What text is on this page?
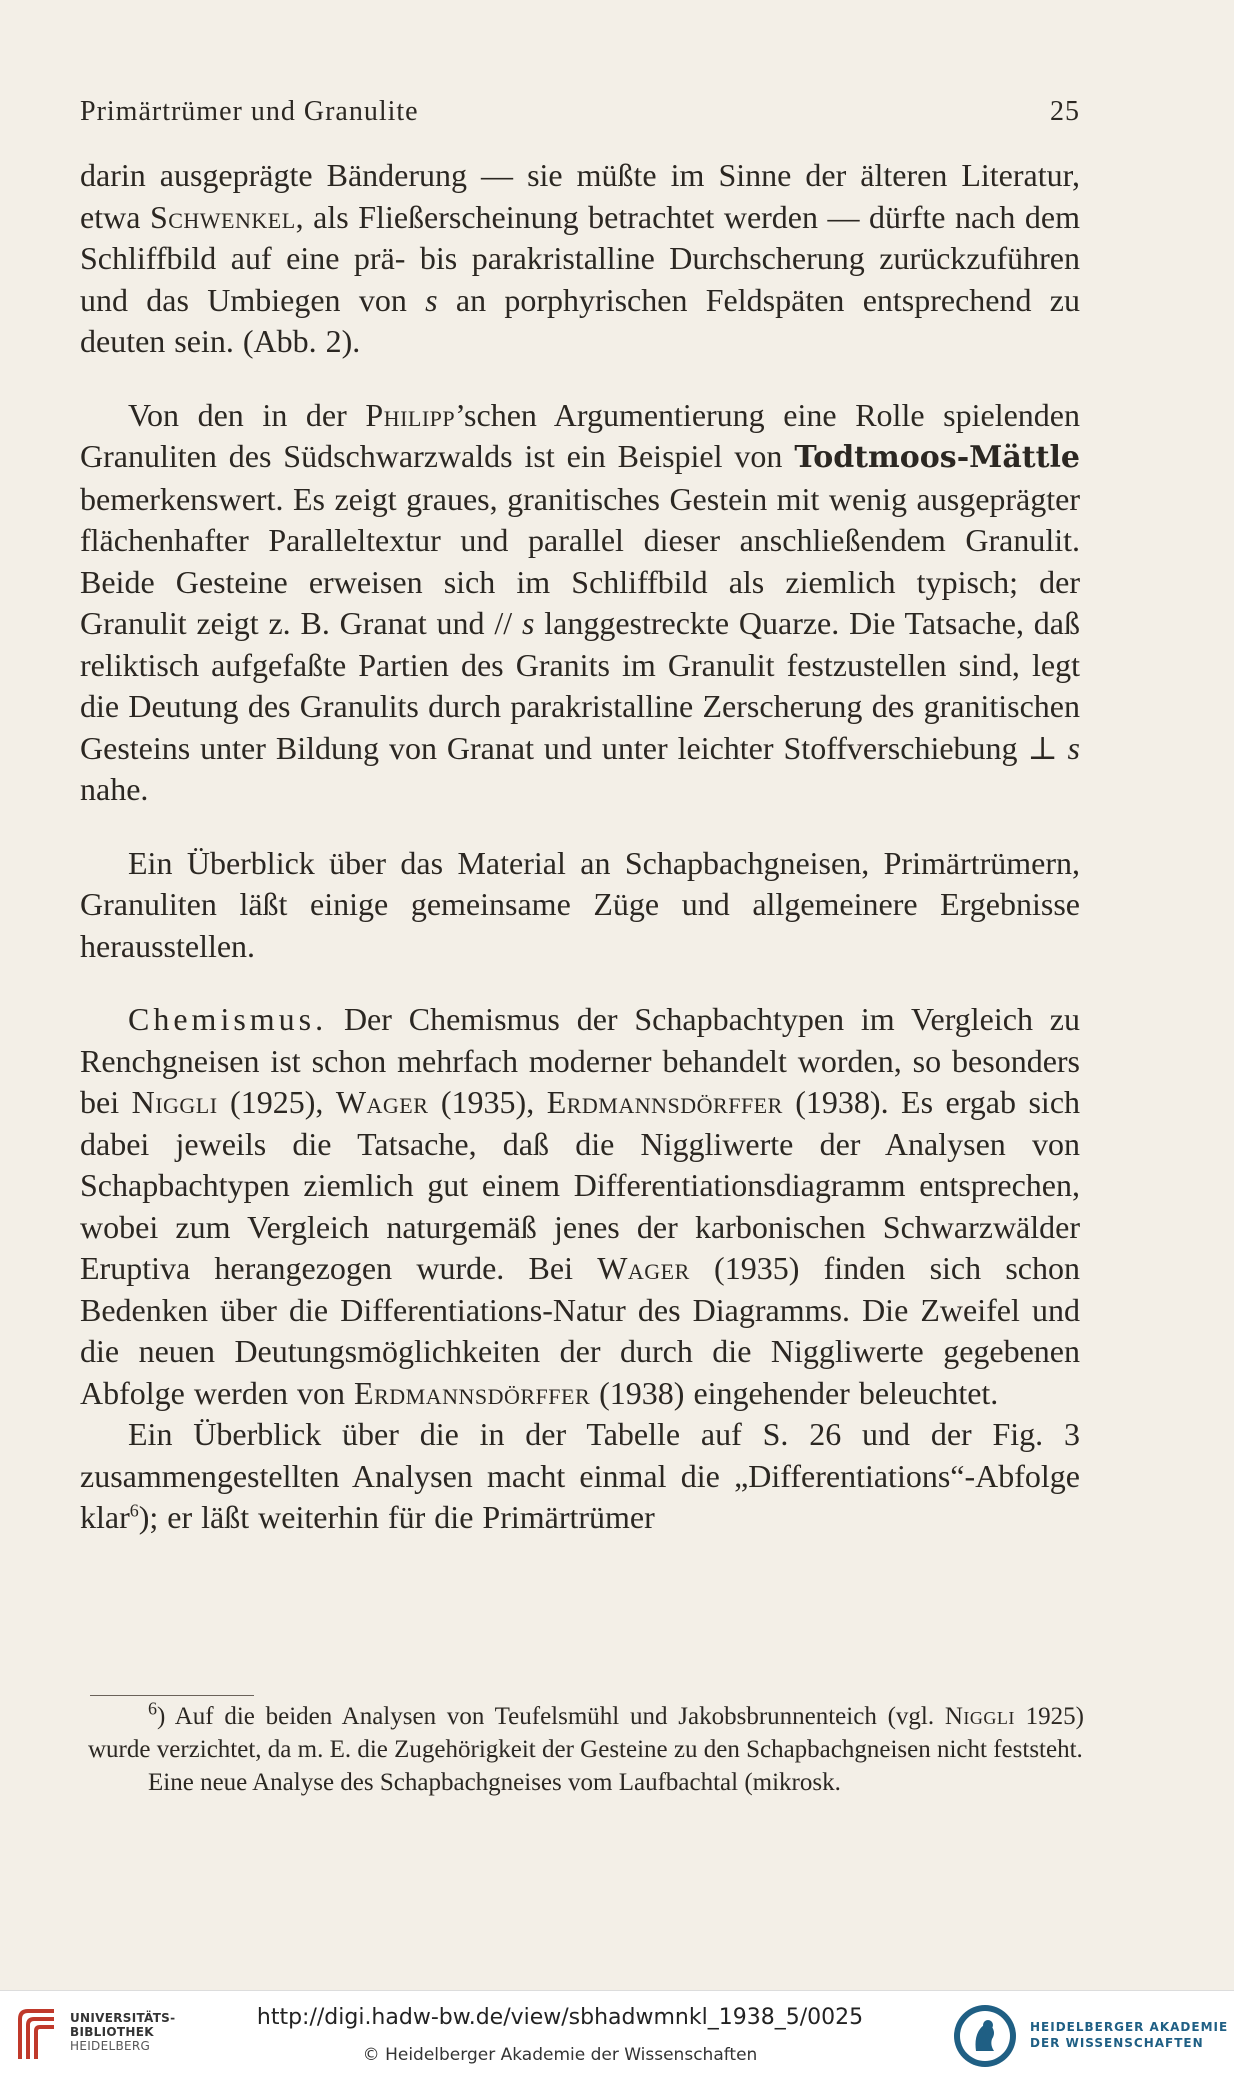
Primärtrümer und Granulite	25

darin ausgeprägte Bänderung — sie müßte im Sinne der älteren Literatur, etwa Schwenkel, als Fließerscheinung betrachtet werden — dürfte nach dem Schliffbild auf eine prä- bis parakristalline Durchscherung zurückzuführen und das Umbiegen von s an porphyrischen Feldspäten entsprechend zu deuten sein. (Abb. 2).

Von den in der Philipp’schen Argumentierung eine Rolle spielenden Granuliten des Südschwarzwalds ist ein Beispiel von Todtmoos-Mättle bemerkenswert. Es zeigt graues, granitisches Gestein mit wenig ausgeprägter flächenhafter Paralleltextur und parallel dieser anschließendem Granulit. Beide Gesteine erweisen sich im Schliffbild als ziemlich typisch; der Granulit zeigt z. B. Granat und // s langgestreckte Quarze. Die Tatsache, daß reliktisch aufgefaßte Partien des Granits im Granulit festzustellen sind, legt die Deutung des Granulits durch parakristalline Zerscherung des granitischen Gesteins unter Bildung von Granat und unter leichter Stoffverschiebung ⊥ s nahe.

Ein Überblick über das Material an Schapbachgneisen, Primärtrümern, Granuliten läßt einige gemeinsame Züge und allgemeinere Ergebnisse herausstellen.

Chemismus. Der Chemismus der Schapbachtypen im Vergleich zu Renchgneisen ist schon mehrfach moderner behandelt worden, so besonders bei Niggli (1925), Wager (1935), Erdmannsdörffer (1938). Es ergab sich dabei jeweils die Tatsache, daß die Niggliwerte der Analysen von Schapbachtypen ziemlich gut einem Differentiationsdiagramm entsprechen, wobei zum Vergleich naturgemäß jenes der karbonischen Schwarzwälder Eruptiva herangezogen wurde. Bei Wager (1935) finden sich schon Bedenken über die Differentiations-Natur des Diagramms. Die Zweifel und die neuen Deutungsmöglichkeiten der durch die Niggliwerte gegebenen Abfolge werden von Erdmannsdörffer (1938) eingehender beleuchtet.

Ein Überblick über die in der Tabelle auf S. 26 und der Fig. 3 zusammengestellten Analysen macht einmal die „Differentiations“-Abfolge klar$^6$); er läßt weiterhin für die Primärtrümer

$^6$) Auf die beiden Analysen von Teufelsmühl und Jakobsbrunnenteich (vgl. Niggli 1925) wurde verzichtet, da m. E. die Zugehörigkeit der Gesteine zu den Schapbachgneisen nicht feststeht.

Eine neue Analyse des Schapbachgneises vom Laufbachtal (mikrosk.

UNIVERSITÄTS-
BIBLIOTHEK
HEIDELBERG
http://digi.hadw-bw.de/view/sbhadwmnkl_1938_5/0025
© Heidelberger Akademie der Wissenschaften
HEIDELBERGER AKADEMIE
DER WISSENSCHAFTEN
